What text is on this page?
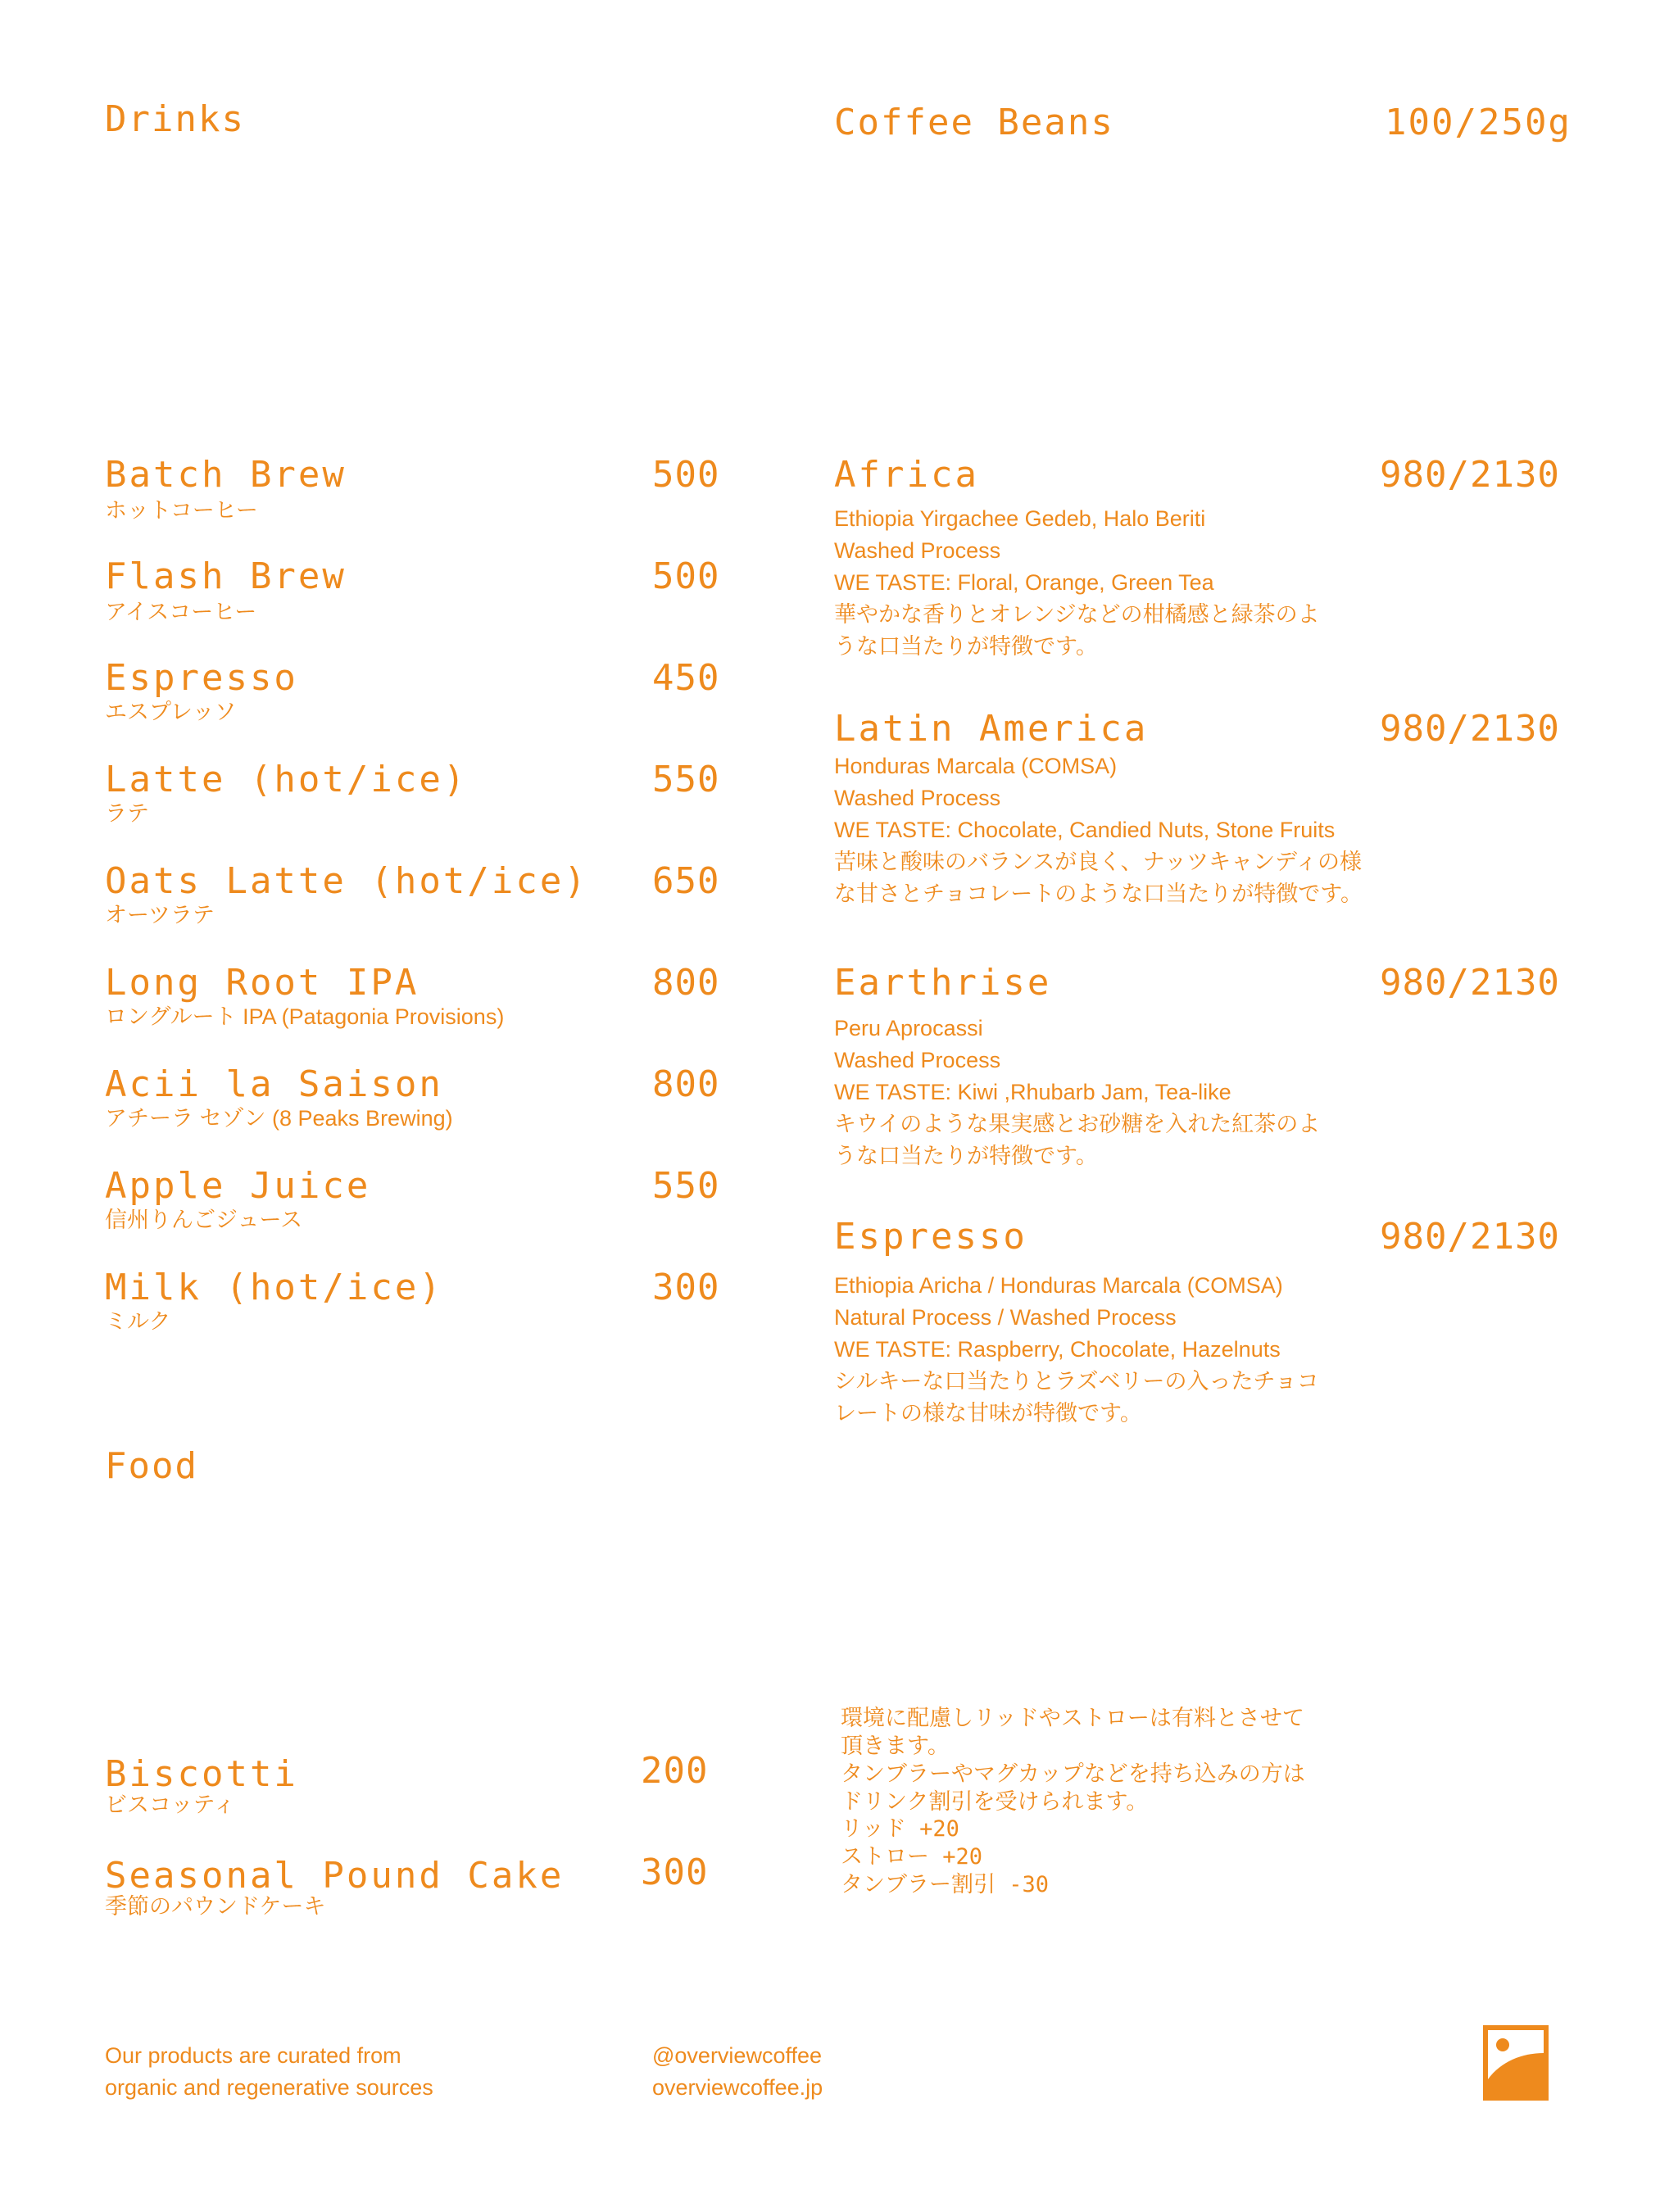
Drinks
Batch Brew	500
ホットコーヒー
Flash Brew	500
アイスコーヒー
Espresso	450
エスプレッソ
Latte (hot/ice)	550
ラテ
Oats Latte (hot/ice) 650
オーツラテ
Long Root IPA	800
ロングルート IPA (Patagonia Provisions)
Acii la Saison	800
アチーラ セゾン (8 Peaks Brewing)
Apple Juice	550
信州りんごジュース
Milk (hot/ice)	300
ミルク
Food
Biscotti	200
ビスコッティ
Seasonal Pound Cake 300
季節のパウンドケーキ
Coffee Beans	100/250g
Africa	980/2130
Ethiopia Yirgachee Gedeb, Halo Beriti
Washed Process
WE TASTE: Floral, Orange, Green Tea
華やかな香りとオレンジなどの柑橘感と緑茶のよ
うな口当たりが特徴です。
Latin America	980/2130
Honduras Marcala (COMSA)
Washed Process
WE TASTE: Chocolate, Candied Nuts, Stone Fruits
苦味と酸味のバランスが良く、ナッツキャンディの様
な甘さとチョコレートのような口当たりが特徴です。
Earthrise	980/2130
Peru Aprocassi
Washed Process
WE TASTE: Kiwi ,Rhubarb Jam, Tea-like
キウイのような果実感とお砂糖を入れた紅茶のよ
うな口当たりが特徴です。
Espresso	980/2130
Ethiopia Aricha / Honduras Marcala (COMSA)
Natural Process / Washed Process
WE TASTE: Raspberry, Chocolate, Hazelnuts
シルキーな口当たりとラズベリーの入ったチョコ
レートの様な甘味が特徴です。
環境に配慮しリッドやストローは有料とさせて
頂きます。
タンブラーやマグカップなどを持ち込みの方は
ドリンク割引を受けられます。
リッド +20
ストロー +20
タンブラー割引 -30
Our products are curated from
organic and regenerative sources
@overviewcoffee
overviewcoffee.jp
